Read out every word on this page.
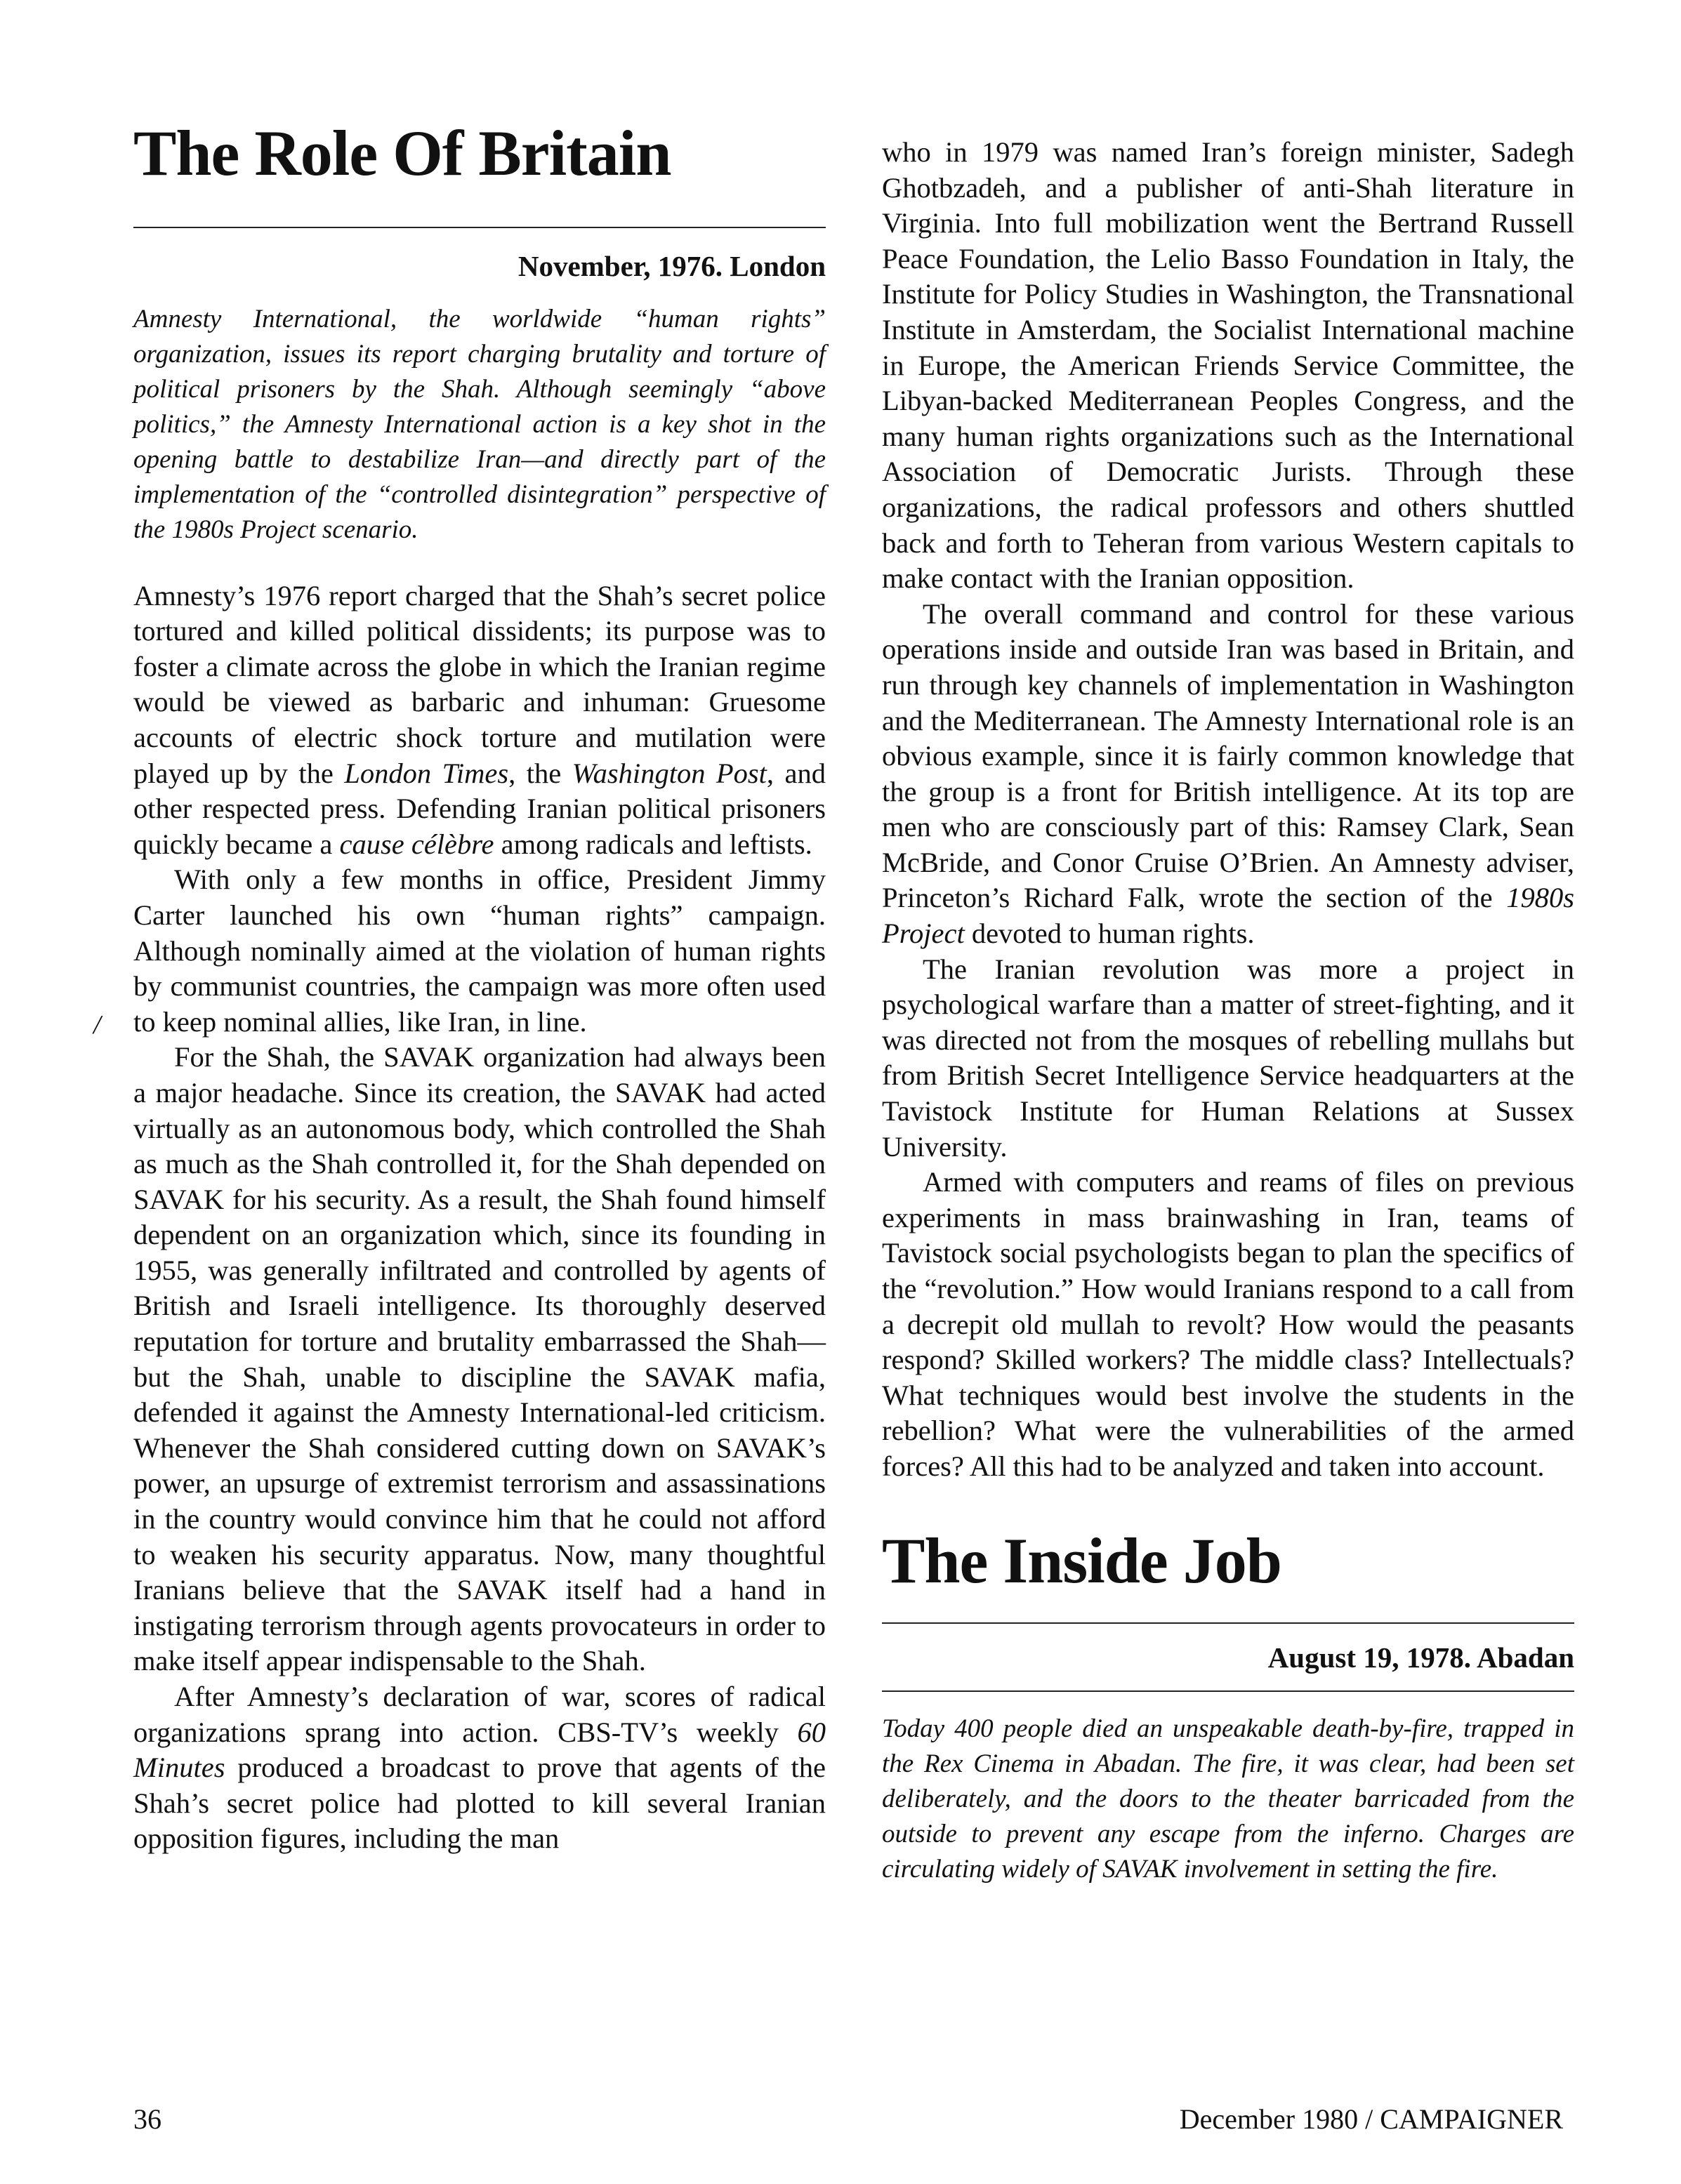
The Role Of Britain
November, 1976. London

Amnesty International, the worldwide “human rights” organization, issues its report charging brutality and torture of political prisoners by the Shah. Although seemingly “above politics,” the Amnesty International action is a key shot in the opening battle to destabilize Iran—and directly part of the implementation of the “controlled disintegration” perspective of the 1980s Project scenario.

Amnesty’s 1976 report charged that the Shah’s secret police tortured and killed political dissidents; its purpose was to foster a climate across the globe in which the Iranian regime would be viewed as barbaric and inhuman: Gruesome accounts of electric shock torture and mutilation were played up by the London Times, the Washington Post, and other respected press. Defending Iranian political prisoners quickly became a cause célèbre among radicals and leftists.

With only a few months in office, President Jimmy Carter launched his own “human rights” campaign. Although nominally aimed at the violation of human rights by communist countries, the campaign was more often used to keep nominal allies, like Iran, in line.

For the Shah, the SAVAK organization had always been a major headache. Since its creation, the SAVAK had acted virtually as an autonomous body, which controlled the Shah as much as the Shah controlled it, for the Shah depended on SAVAK for his security. As a result, the Shah found himself dependent on an organization which, since its founding in 1955, was generally infiltrated and controlled by agents of British and Israeli intelligence. Its thoroughly deserved reputation for torture and brutality embarrassed the Shah—but the Shah, unable to discipline the SAVAK mafia, defended it against the Amnesty International-led criticism. Whenever the Shah considered cutting down on SAVAK’s power, an upsurge of extremist terrorism and assassinations in the country would convince him that he could not afford to weaken his security apparatus. Now, many thoughtful Iranians believe that the SAVAK itself had a hand in instigating terrorism through agents provocateurs in order to make itself appear indispensable to the Shah.

After Amnesty’s declaration of war, scores of radical organizations sprang into action. CBS-TV’s weekly 60 Minutes produced a broadcast to prove that agents of the Shah’s secret police had plotted to kill several Iranian opposition figures, including the man

who in 1979 was named Iran’s foreign minister, Sadegh Ghotbzadeh, and a publisher of anti-Shah literature in Virginia. Into full mobilization went the Bertrand Russell Peace Foundation, the Lelio Basso Foundation in Italy, the Institute for Policy Studies in Washington, the Transnational Institute in Amsterdam, the Socialist International machine in Europe, the American Friends Service Committee, the Libyan-backed Mediterranean Peoples Congress, and the many human rights organizations such as the International Association of Democratic Jurists. Through these organizations, the radical professors and others shuttled back and forth to Teheran from various Western capitals to make contact with the Iranian opposition.

The overall command and control for these various operations inside and outside Iran was based in Britain, and run through key channels of implementation in Washington and the Mediterranean. The Amnesty International role is an obvious example, since it is fairly common knowledge that the group is a front for British intelligence. At its top are men who are consciously part of this: Ramsey Clark, Sean McBride, and Conor Cruise O’Brien. An Amnesty adviser, Princeton’s Richard Falk, wrote the section of the 1980s Project devoted to human rights.

The Iranian revolution was more a project in psychological warfare than a matter of street-fighting, and it was directed not from the mosques of rebelling mullahs but from British Secret Intelligence Service headquarters at the Tavistock Institute for Human Relations at Sussex University.

Armed with computers and reams of files on previous experiments in mass brainwashing in Iran, teams of Tavistock social psychologists began to plan the specifics of the “revolution.” How would Iranians respond to a call from a decrepit old mullah to revolt? How would the peasants respond? Skilled workers? The middle class? Intellectuals? What techniques would best involve the students in the rebellion? What were the vulnerabilities of the armed forces? All this had to be analyzed and taken into account.

The Inside Job
August 19, 1978. Abadan

Today 400 people died an unspeakable death-by-fire, trapped in the Rex Cinema in Abadan. The fire, it was clear, had been set deliberately, and the doors to the theater barricaded from the outside to prevent any escape from the inferno. Charges are circulating widely of SAVAK involvement in setting the fire.

/
36	December 1980 / CAMPAIGNER
